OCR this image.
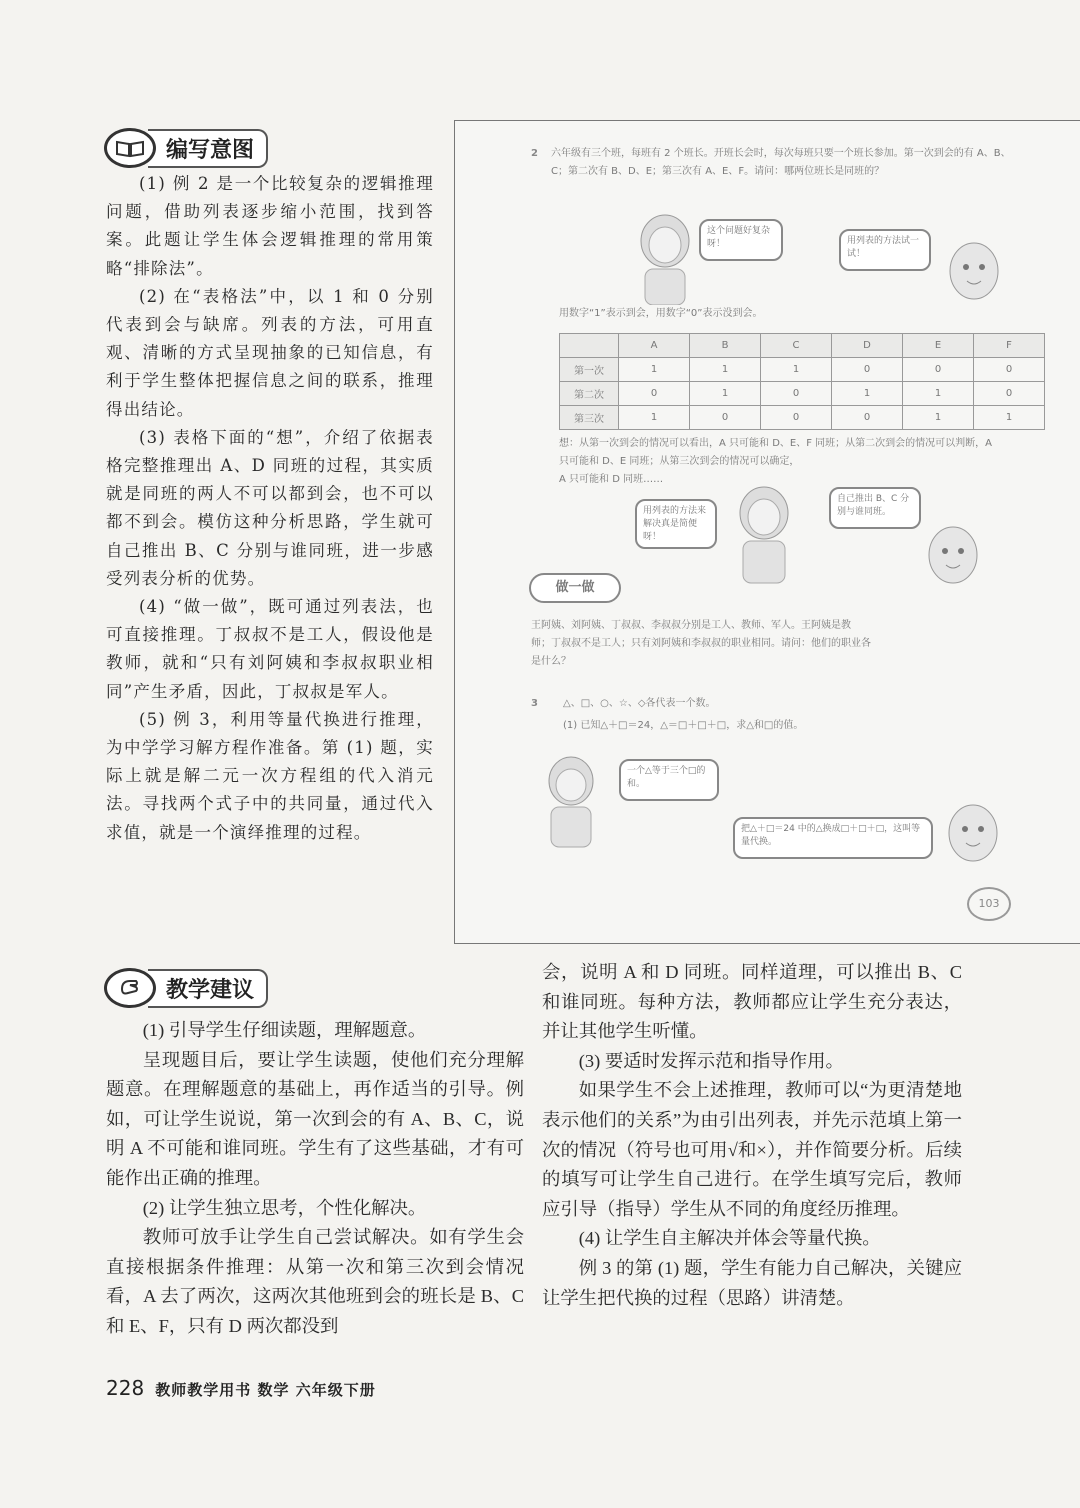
编写意图

(1) 例 2 是一个比较复杂的逻辑推理问题，借助列表逐步缩小范围，找到答案。此题让学生体会逻辑推理的常用策略“排除法”。

(2) 在“表格法”中，以 1 和 0 分别代表到会与缺席。列表的方法，可用直观、清晰的方式呈现抽象的已知信息，有利于学生整体把握信息之间的联系，推理得出结论。

(3) 表格下面的“想”，介绍了依据表格完整推理出 A、D 同班的过程，其实质就是同班的两人不可以都到会，也不可以都不到会。模仿这种分析思路，学生就可自己推出 B、C 分别与谁同班，进一步感受列表分析的优势。

(4) “做一做”，既可通过列表法，也可直接推理。丁叔叔不是工人，假设他是教师，就和“只有刘阿姨和李叔叔职业相同”产生矛盾，因此，丁叔叔是军人。

(5) 例 3，利用等量代换进行推理，为中学学习解方程作准备。第 (1) 题，实际上就是解二元一次方程组的代入消元法。寻找两个式子中的共同量，通过代入求值，就是一个演绎推理的过程。

2 六年级有三个班，每班有 2 个班长。开班长会时，每次每班只要一个班长参加。第一次到会的有 A、B、C；第二次有 B、D、E；第三次有 A、E、F。请问：哪两位班长是同班的？
这个问题好复杂呀！	用列表的方法试一试！
用数字“1”表示到会，用数字“0”表示没到会。
	A	B	C	D	E	F
第一次	1	1	1	0	0	0
第二次	0	1	0	1	1	0
第三次	1	0	0	0	1	1
想：从第一次到会的情况可以看出，A 只可能和 D、E、F 同班；从第二次到会的情况可以判断，A 只可能和 D、E 同班；从第三次到会的情况可以确定，
A 只可能和 D 同班……
用列表的方法来解决真是简便呀！
自己推出 B、C 分别与谁同班。
做一做
王阿姨、刘阿姨、丁叔叔、李叔叔分别是工人、教师、军人。王阿姨是教
师；丁叔叔不是工人；只有刘阿姨和李叔叔的职业相同。请问：他们的职业各
是什么？
3	△、□、○、☆、◇各代表一个数。
(1) 已知△＋□＝24，△＝□＋□＋□，求△和□的值。
一个△等于三个□的和。
把△＋□＝24 中的△换成□＋□＋□，这叫等量代换。
103
教学建议

(1) 引导学生仔细读题，理解题意。

呈现题目后，要让学生读题，使他们充分理解题意。在理解题意的基础上，再作适当的引导。例如，可让学生说说，第一次到会的有 A、B、C，说明 A 不可能和谁同班。学生有了这些基础，才有可能作出正确的推理。

(2) 让学生独立思考，个性化解决。

教师可放手让学生自己尝试解决。如有学生会直接根据条件推理：从第一次和第三次到会情况看，A 去了两次，这两次其他班到会的班长是 B、C 和 E、F，只有 D 两次都没到

会，说明 A 和 D 同班。同样道理，可以推出 B、C 和谁同班。每种方法，教师都应让学生充分表达，并让其他学生听懂。

(3) 要适时发挥示范和指导作用。

如果学生不会上述推理，教师可以“为更清楚地表示他们的关系”为由引出列表，并先示范填上第一次的情况（符号也可用√和×），并作简要分析。后续的填写可让学生自己进行。在学生填写完后，教师应引导（指导）学生从不同的角度经历推理。

(4) 让学生自主解决并体会等量代换。

例 3 的第 (1) 题，学生有能力自己解决，关键应让学生把代换的过程（思路）讲清楚。

228 教师教学用书 数学 六年级下册
